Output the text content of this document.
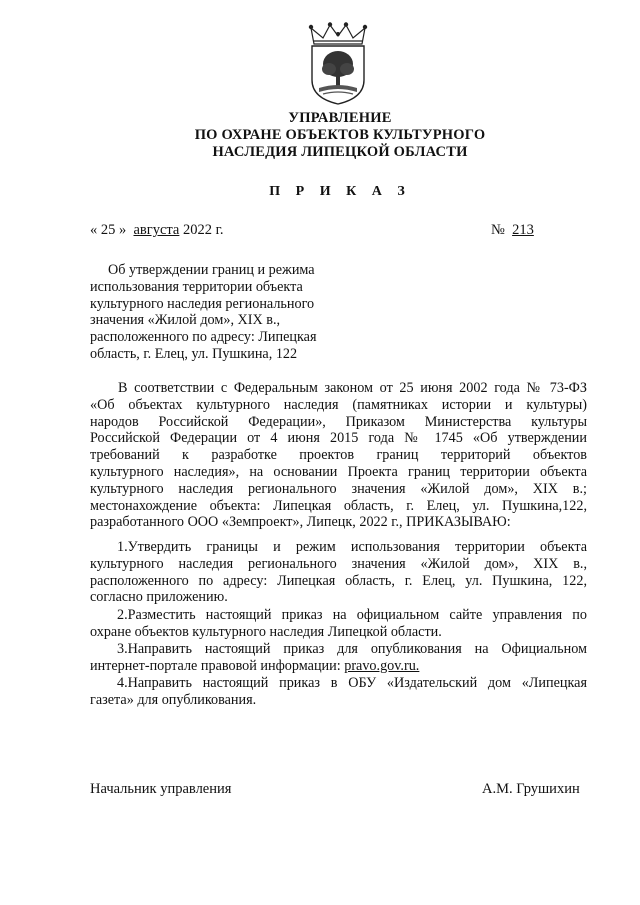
УПРАВЛЕНИЕ
ПО ОХРАНЕ ОБЪЕКТОВ КУЛЬТУРНОГО
НАСЛЕДИЯ ЛИПЕЦКОЙ ОБЛАСТИ
П Р И К А З
« 25 » августа 2022 г.	№ 213
Об утверждении границ и режима
использования территории объекта
культурного наследия регионального
значения «Жилой дом», XIX в.,
расположенного по адресу: Липецкая
область, г. Елец, ул. Пушкина, 122
В соответствии с Федеральным законом от 25 июня 2002 года № 73-ФЗ
«Об объектах культурного наследия (памятниках истории и культуры)
народов Российской Федерации», Приказом Министерства культуры
Российской Федерации от 4 июня 2015 года № 1745 «Об утверждении
требований к разработке проектов границ территорий объектов
культурного наследия», на основании Проекта границ территории объекта
культурного наследия регионального значения «Жилой дом», XIX в.;
местонахождение объекта: Липецкая область, г. Елец, ул. Пушкина,122,
разработанного ООО «Земпроект», Липецк, 2022 г., ПРИКАЗЫВАЮ:
1.Утвердить границы и режим использования территории объекта
культурного наследия регионального значения «Жилой дом», XIX в.,
расположенного по адресу: Липецкая область, г. Елец, ул. Пушкина, 122,
согласно приложению.
2.Разместить настоящий приказ на официальном сайте управления по
охране объектов культурного наследия Липецкой области.
3.Направить настоящий приказ для опубликования на Официальном
интернет-портале правовой информации: pravo.gov.ru.
4.Направить настоящий приказ в ОБУ «Издательский дом «Липецкая
газета» для опубликования.
Начальник управления	А.М. Грушихин
